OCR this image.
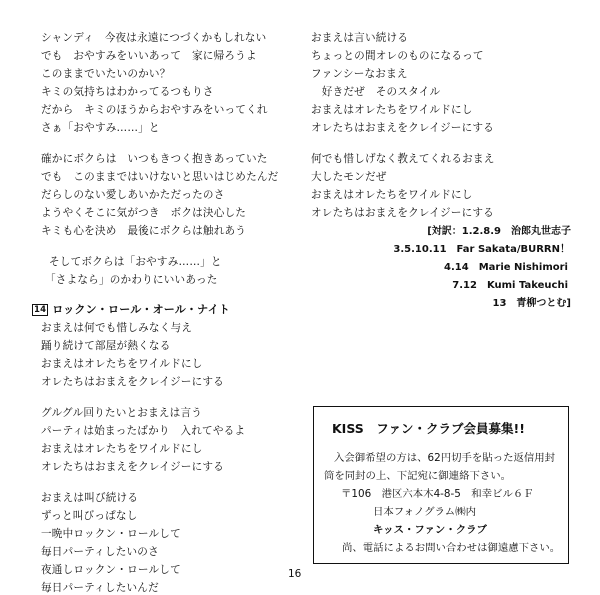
シャンディ　今夜は永遠につづくかもしれない
でも　おやすみをいいあって　家に帰ろうよ
このままでいたいのかい？
キミの気持ちはわかってるつもりさ
だから　キミのほうからおやすみをいってくれ
さぁ「おやすみ……」と
確かにボクらは　いつもきつく抱きあっていた
でも　このままではいけないと思いはじめたんだ
だらしのない愛しあいかただったのさ
ようやくそこに気がつき　ボクは決心した
キミも心を決め　最後にボクらは触れあう
そしてボクらは「おやすみ……」と
「さよなら」のかわりにいいあった
14 ロックン・ロール・オール・ナイト
おまえは何でも惜しみなく与え
踊り続けて部屋が熱くなる
おまえはオレたちをワイルドにし
オレたちはおまえをクレイジーにする
グルグル回りたいとおまえは言う
パーティは始まったばかり　入れてやるよ
おまえはオレたちをワイルドにし
オレたちはおまえをクレイジーにする
おまえは叫び続ける
ずっと叫びっぱなし
一晩中ロックン・ロールして
毎日パーティしたいのさ
夜通しロックン・ロールして
毎日パーティしたいんだ
おまえは言い続ける
ちょっとの間オレのものになるって
ファンシーなおまえ
　好きだぜ　そのスタイル
おまえはオレたちをワイルドにし
オレたちはおまえをクレイジーにする
何でも惜しげなく教えてくれるおまえ
大したモンだぜ
おまえはオレたちをワイルドにし
オレたちはおまえをクレイジーにする
[対訳：1.2.8.9　治郎丸世志子
3.5.10.11　Far Sakata/BURRN！
4.14　Marie Nishimori
7.12　Kumi Takeuchi
13　青柳つとむ]
KISS　ファン・クラブ会員募集!!
入会御希望の方は、62円切手を貼った返信用封
筒を同封の上、下記宛に御連絡下さい。
〒106　港区六本木4-8-5　和幸ビル６Ｆ
日本フォノグラム㈱内
キッス・ファン・クラブ
尚、電話によるお問い合わせは御遠慮下さい。
16
